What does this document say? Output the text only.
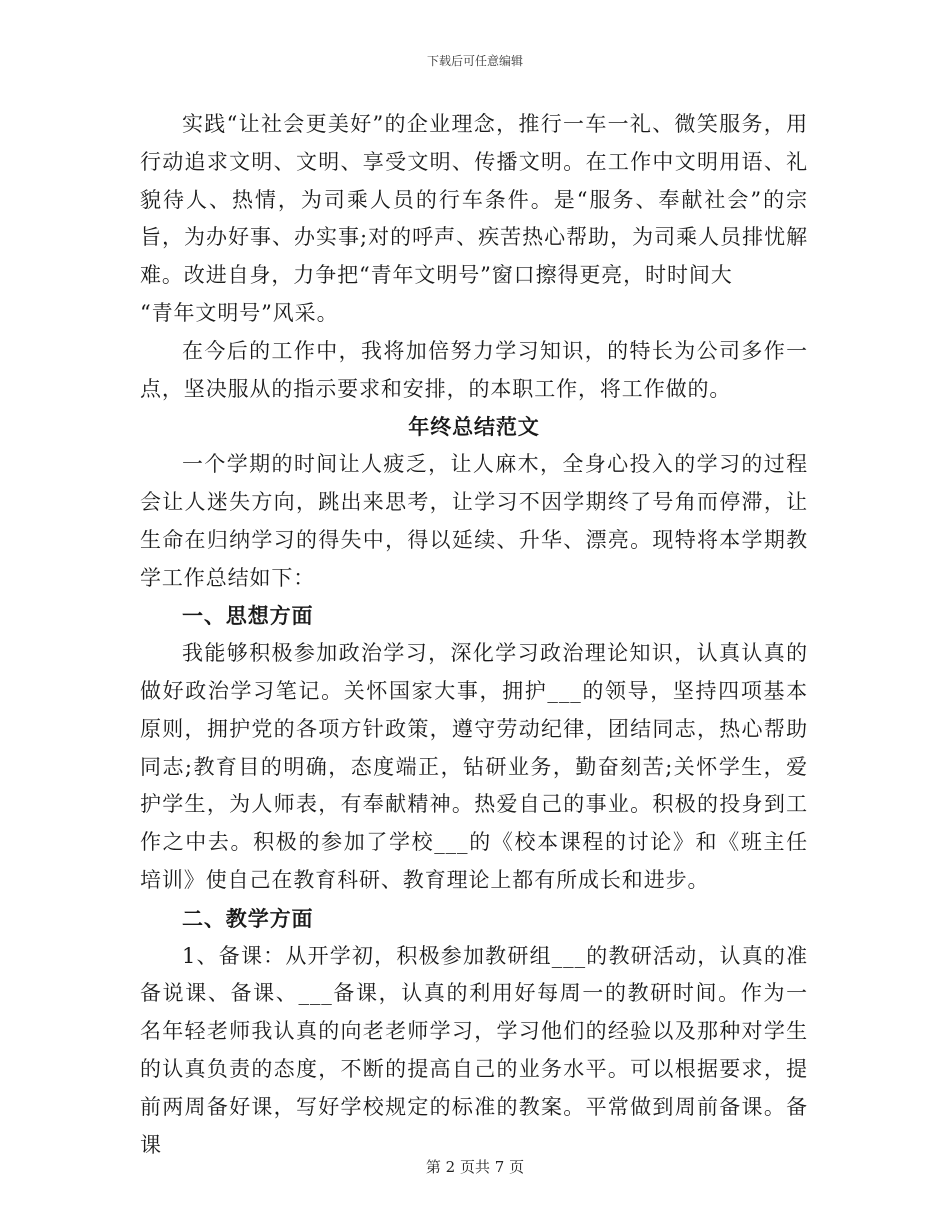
下载后可任意编辑

实践“让社会更美好”的企业理念，推行一车一礼、微笑服务，用行动追求文明、文明、享受文明、传播文明。在工作中文明用语、礼貌待人、热情，为司乘人员的行车条件。是“服务、奉献社会”的宗旨，为办好事、办实事;对的呼声、疾苦热心帮助，为司乘人员排忧解难。改进自身，力争把“青年文明号”窗口擦得更亮，时时间大

“青年文明号”风采。

在今后的工作中，我将加倍努力学习知识，的特长为公司多作一点，坚决服从的指示要求和安排，的本职工作，将工作做的。

年终总结范文

一个学期的时间让人疲乏，让人麻木，全身心投入的学习的过程会让人迷失方向，跳出来思考，让学习不因学期终了号角而停滞，让生命在归纳学习的得失中，得以延续、升华、漂亮。现特将本学期教学工作总结如下：

一、思想方面

我能够积极参加政治学习，深化学习政治理论知识，认真认真的做好政治学习笔记。关怀国家大事，拥护___的领导，坚持四项基本原则，拥护党的各项方针政策，遵守劳动纪律，团结同志，热心帮助同志;教育目的明确，态度端正，钻研业务，勤奋刻苦;关怀学生，爱护学生，为人师表，有奉献精神。热爱自己的事业。积极的投身到工作之中去。积极的参加了学校___的《校本课程的讨论》和《班主任培训》使自己在教育科研、教育理论上都有所成长和进步。

二、教学方面

1、备课：从开学初，积极参加教研组___的教研活动，认真的准备说课、备课、___备课，认真的利用好每周一的教研时间。作为一名年轻老师我认真的向老老师学习，学习他们的经验以及那种对学生的认真负责的态度，不断的提高自己的业务水平。可以根据要求，提前两周备好课，写好学校规定的标准的教案。平常做到周前备课。备课

第 2 页共 7 页
